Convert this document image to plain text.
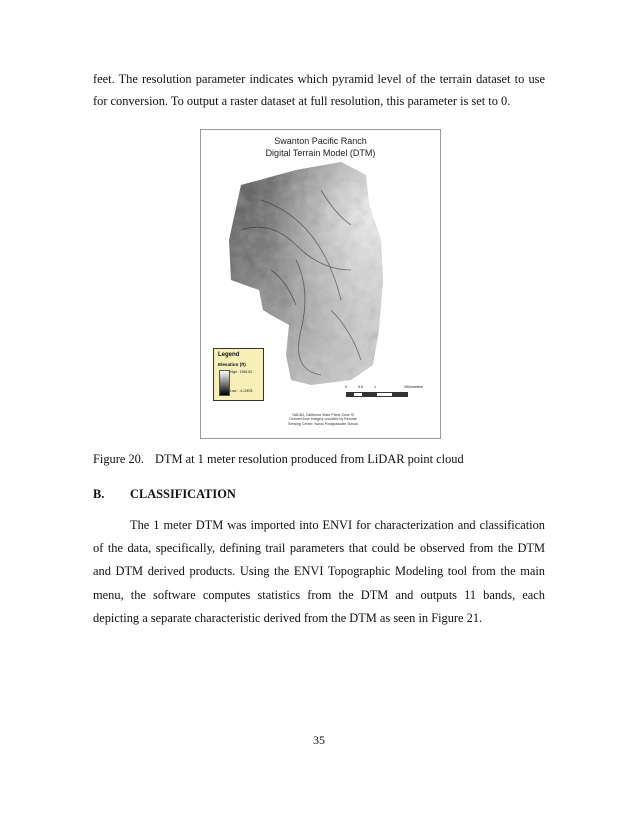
feet. The resolution parameter indicates which pyramid level of the terrain dataset to use for conversion. To output a raster dataset at full resolution, this parameter is set to 0.

Swanton Pacific Ranch
Digital Terrain Model (DTM)
Legend
Elevation (ft)
High : 1962.63
Low : -4.12878
0	0.5	1	2 Kilometers
NAD83, California State Plane Zone III
Derived from imagery provided by Remote
Sensing Center, Naval Postgraduate School
Figure 20. DTM at 1 meter resolution produced from LiDAR point cloud
B. CLASSIFICATION

The 1 meter DTM was imported into ENVI for characterization and classification of the data, specifically, defining trail parameters that could be observed from the DTM and DTM derived products. Using the ENVI Topographic Modeling tool from the main menu, the software computes statistics from the DTM and outputs 11 bands, each depicting a separate characteristic derived from the DTM as seen in Figure 21.

35
